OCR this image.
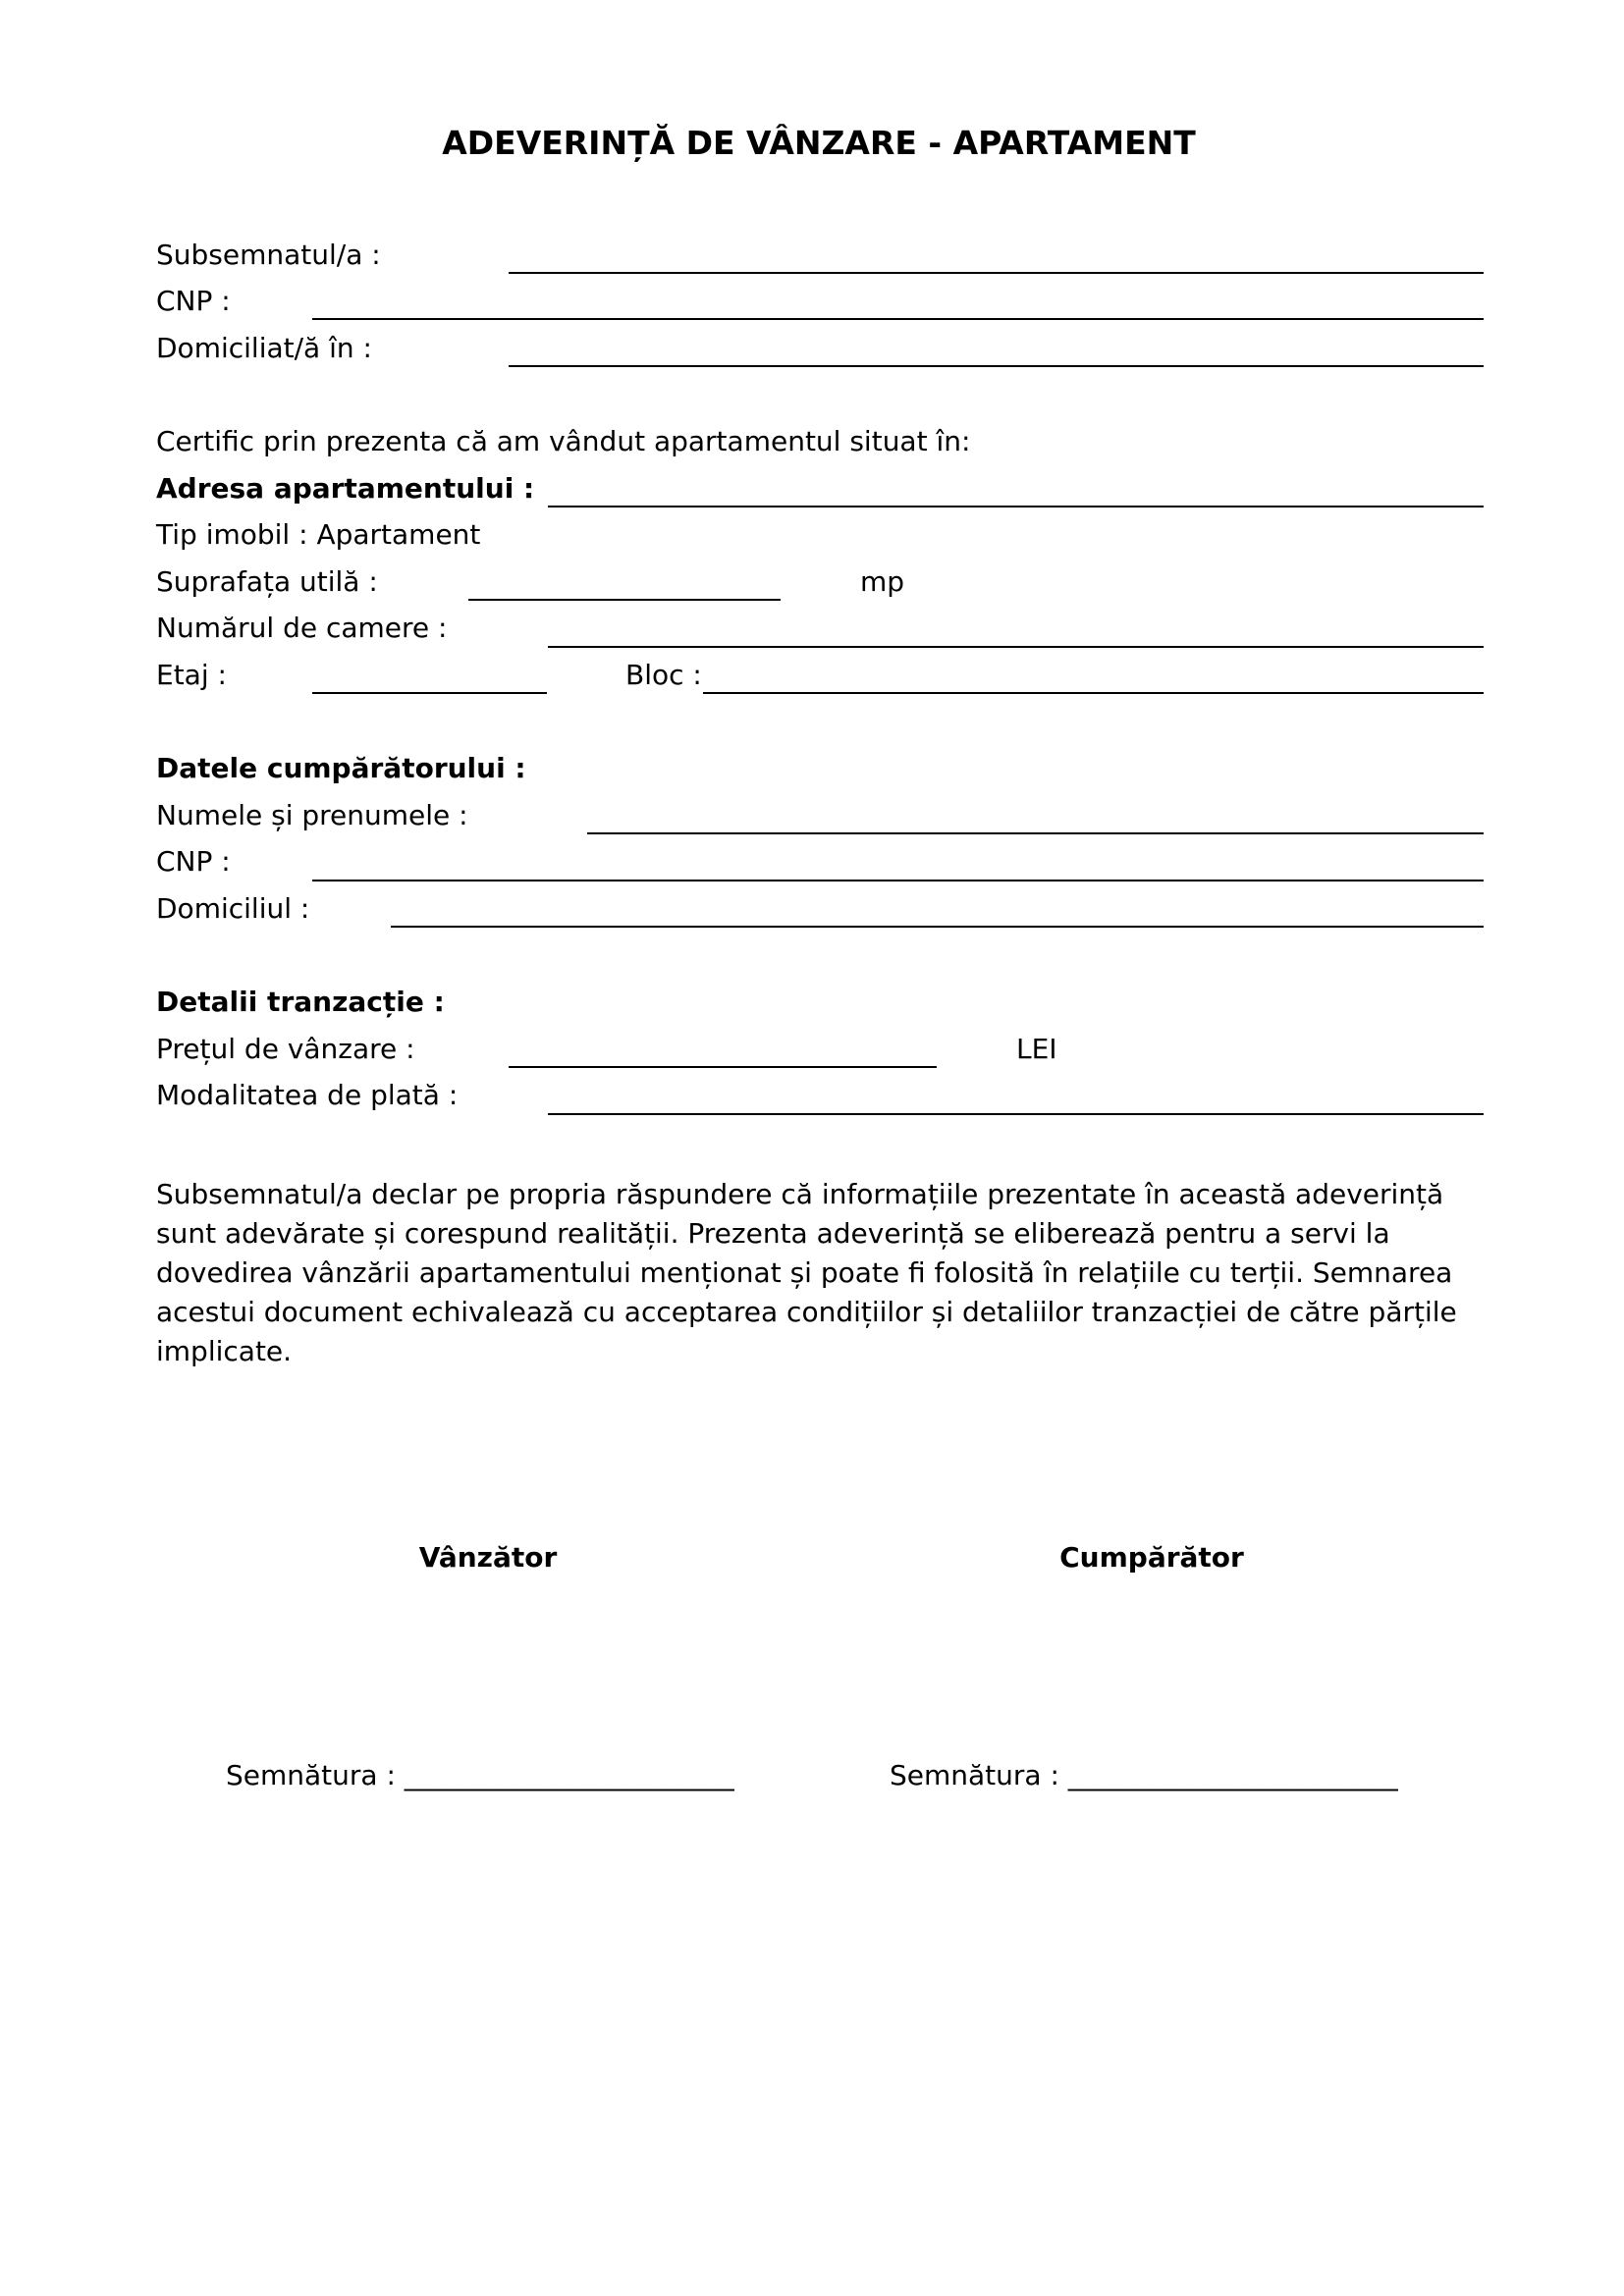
ADEVERINȚĂ DE VÂNZARE - APARTAMENT
Subsemnatul/a :
CNP :
Domiciliat/ă în :
Certific prin prezenta că am vândut apartamentul situat în:
Adresa apartamentului :
Tip imobil : Apartament
Suprafața utilă :	mp
Numărul de camere :
Etaj :	Bloc :
Datele cumpărătorului :
Numele și prenumele :
CNP :
Domiciliul :
Detalii tranzacție :
Prețul de vânzare :	LEI
Modalitatea de plată :
Subsemnatul/a declar pe propria răspundere că informațiile prezentate în această adeverință sunt adevărate și corespund realității. Prezenta adeverință se eliberează pentru a servi la dovedirea vânzării apartamentului menționat și poate fi folosită în relațiile cu terții. Semnarea acestui document echivalează cu acceptarea condițiilor și detaliilor tranzacției de către părțile implicate.
Vânzător	Cumpărător
Semnătura : ________________________	Semnătura : ________________________
